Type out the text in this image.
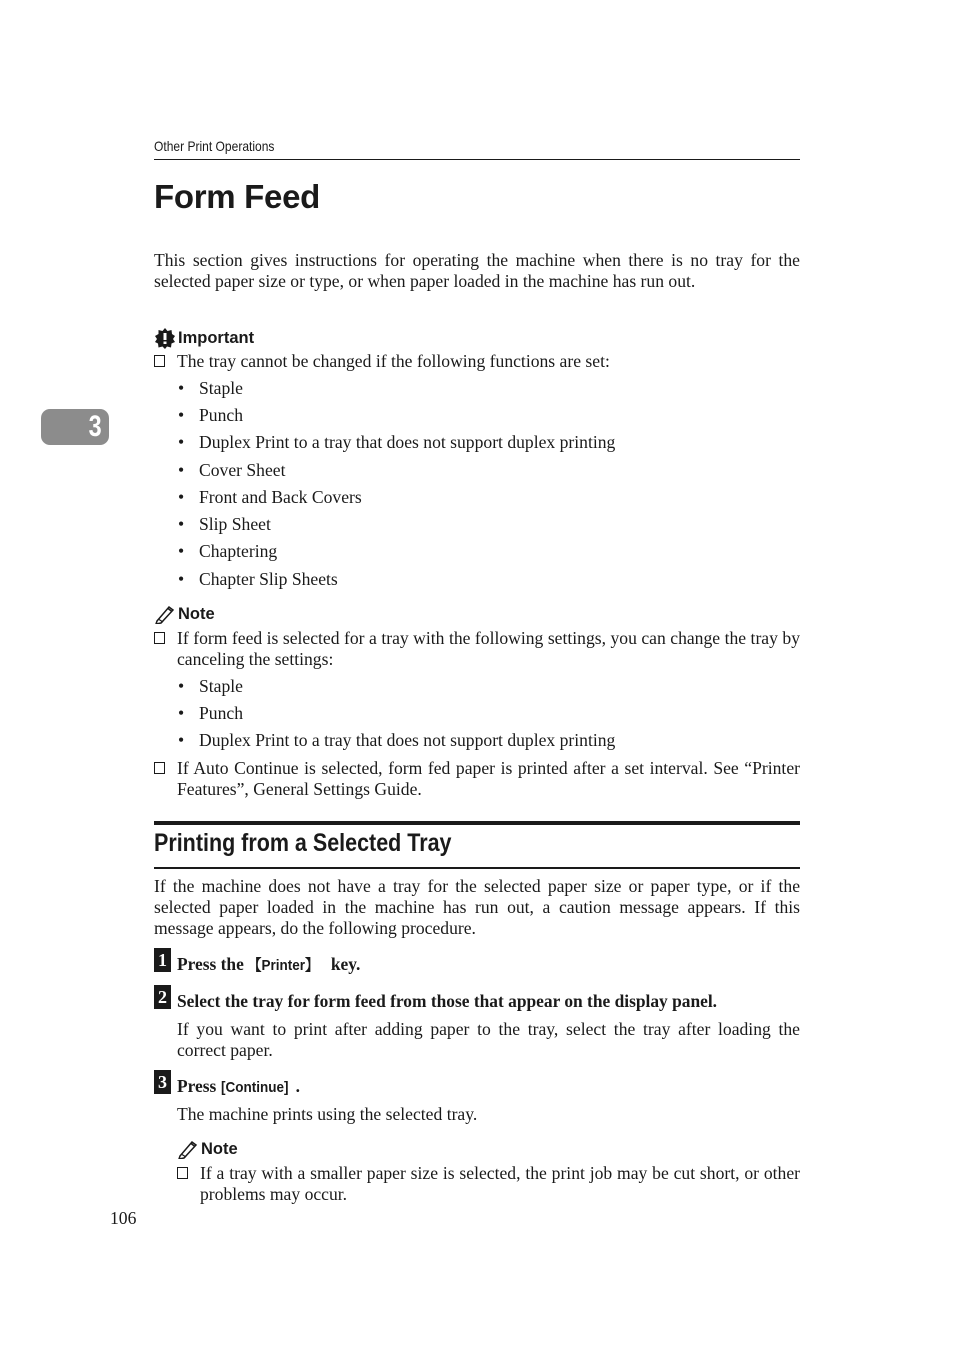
Other Print Operations
3
Form Feed

This section gives instructions for operating the machine when there is no tray for the selected paper size or type, or when paper loaded in the machine has run out.

Important
The tray cannot be changed if the following functions are set:
• Staple
• Punch
• Duplex Print to a tray that does not support duplex printing
• Cover Sheet
• Front and Back Covers
• Slip Sheet
• Chaptering
• Chapter Slip Sheets
Note
If form feed is selected for a tray with the following settings, you can change the tray by canceling the settings:
• Staple
• Punch
• Duplex Print to a tray that does not support duplex printing
If Auto Continue is selected, form fed paper is printed after a set interval. See “Printer Features”, General Settings Guide.
Printing from a Selected Tray

If the machine does not have a tray for the selected paper size or paper type, or if the selected paper loaded in the machine has run out, a caution message appears. If this message appears, do the following procedure.

1 Press the 【Printer】 key.
2 Select the tray for form feed from those that appear on the display panel.

If you want to print after adding paper to the tray, select the tray after loading the correct paper.

3 Press [Continue] .

The machine prints using the selected tray.

Note
If a tray with a smaller paper size is selected, the print job may be cut short, or other problems may occur.
106
